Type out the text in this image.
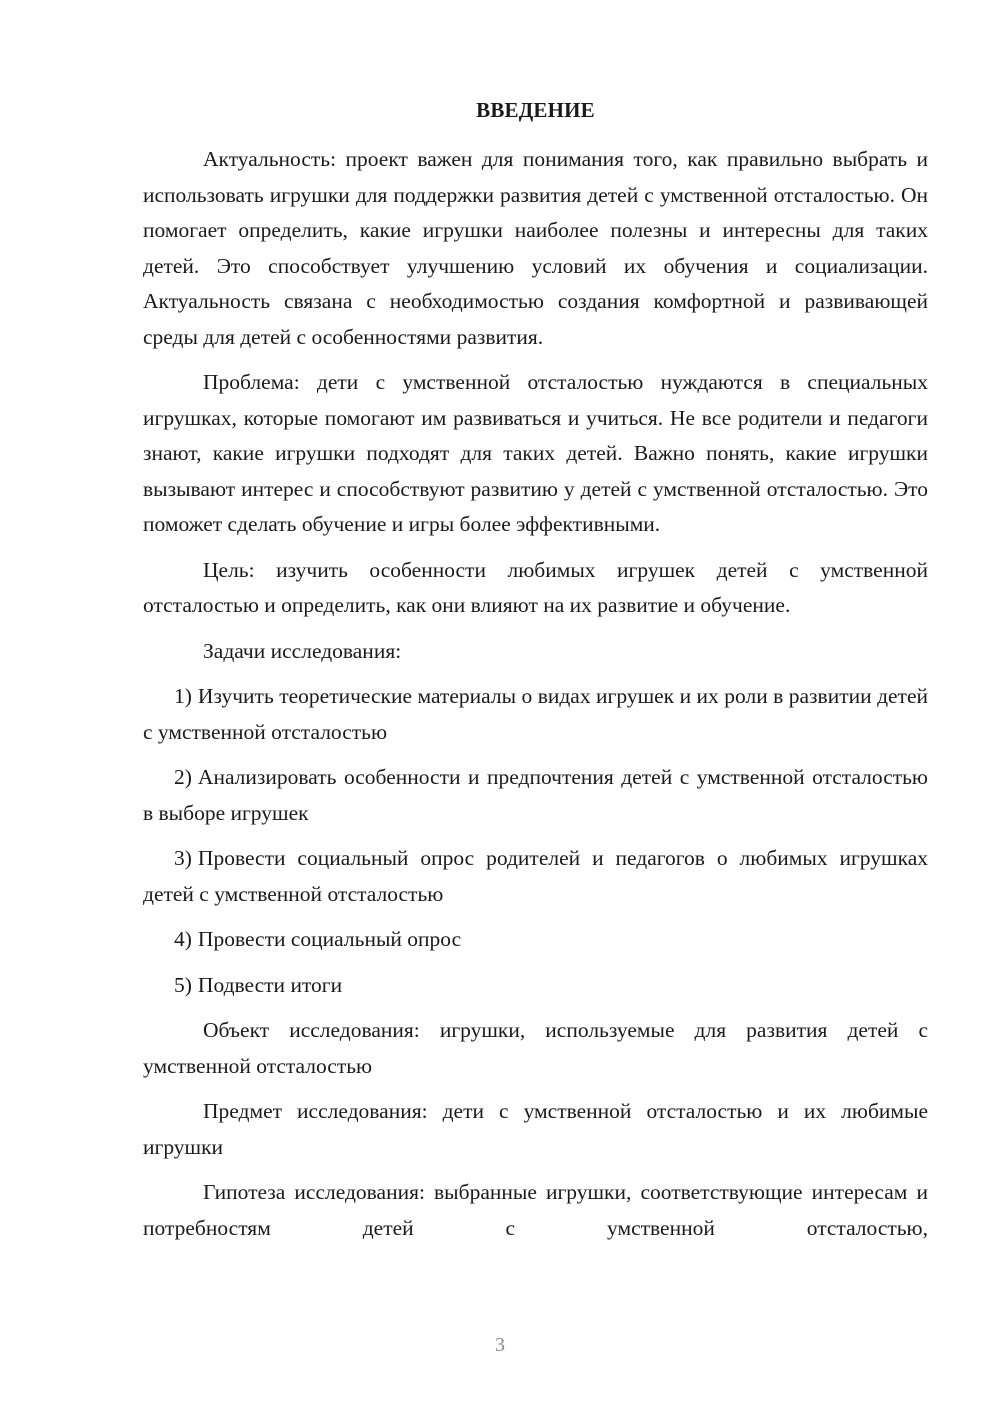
ВВЕДЕНИЕ

Актуальность: проект важен для понимания того, как правильно выбрать и использовать игрушки для поддержки развития детей с умственной отсталостью. Он помогает определить, какие игрушки наиболее полезны и интересны для таких детей. Это способствует улучшению условий их обучения и социализации. Актуальность связана с необходимостью создания комфортной и развивающей среды для детей с особенностями развития.

Проблема: дети с умственной отсталостью нуждаются в специальных игрушках, которые помогают им развиваться и учиться. Не все родители и педагоги знают, какие игрушки подходят для таких детей. Важно понять, какие игрушки вызывают интерес и способствуют развитию у детей с умственной отсталостью. Это поможет сделать обучение и игры более эффективными.

Цель: изучить особенности любимых игрушек детей с умственной отсталостью и определить, как они влияют на их развитие и обучение.

Задачи исследования:

1) Изучить теоретические материалы о видах игрушек и их роли в развитии детей с умственной отсталостью

2) Анализировать особенности и предпочтения детей с умственной отсталостью в выборе игрушек

3) Провести социальный опрос родителей и педагогов о любимых игрушках детей с умственной отсталостью

4) Провести социальный опрос

5) Подвести итоги

Объект исследования: игрушки, используемые для развития детей с умственной отсталостью

Предмет исследования: дети с умственной отсталостью и их любимые игрушки

Гипотеза исследования: выбранные игрушки, соответствующие интересам и потребностям детей с умственной отсталостью,

3
